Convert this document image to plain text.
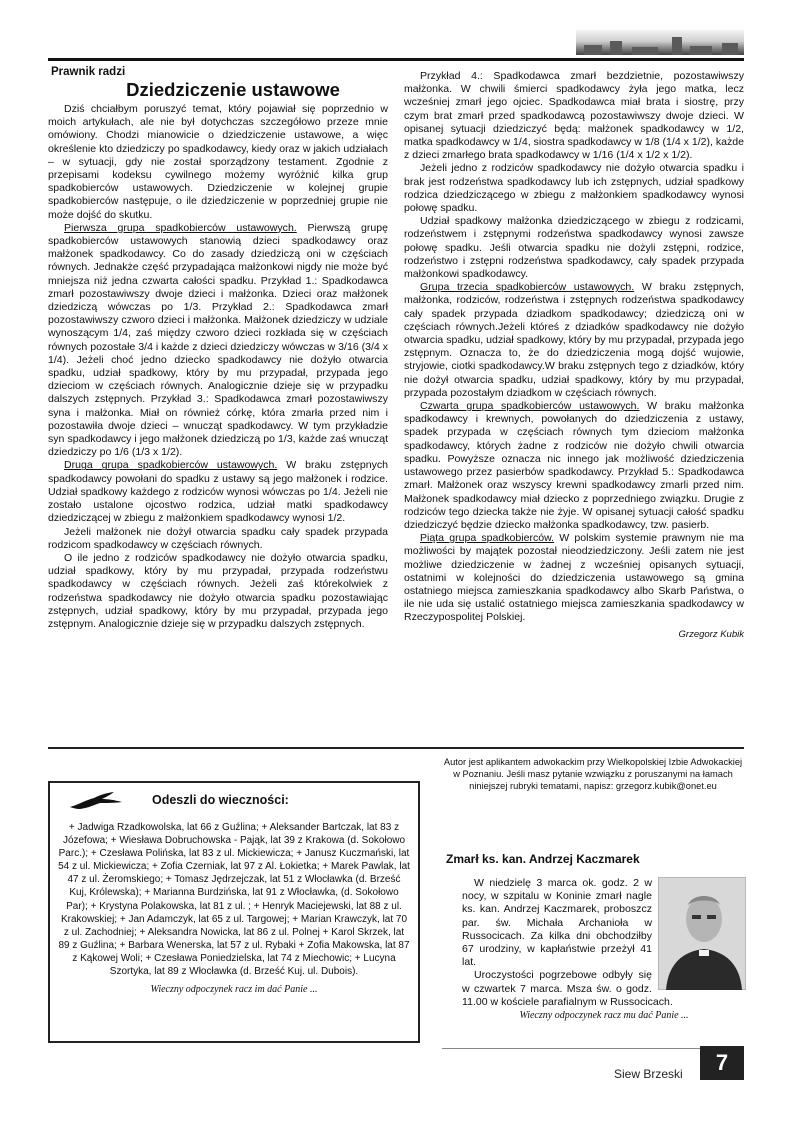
Prawnik radzi
Dziedziczenie ustawowe

Dziś chciałbym poruszyć temat, który pojawiał się poprzednio w moich artykułach, ale nie był dotychczas szczegółowo przeze mnie omówiony. Chodzi mianowicie o dziedziczenie ustawowe, a więc określenie kto dziedziczy po spadkodawcy, kiedy oraz w jakich udziałach – w sytuacji, gdy nie został sporządzony testament. Zgodnie z przepisami kodeksu cywilnego możemy wyróżnić kilka grup spadkobierców ustawowych. Dziedziczenie w kolejnej grupie spadkobierców następuje, o ile dziedziczenie w poprzedniej grupie nie może dojść do skutku.

Pierwsza grupa spadkobierców ustawowych. Pierwszą grupę spadkobierców ustawowych stanowią dzieci spadkodawcy oraz małżonek spadkodawcy. Co do zasady dziedziczą oni w częściach równych. Jednakże część przypadająca małżonkowi nigdy nie może być mniejsza niż jedna czwarta całości spadku. Przykład 1.: Spadkodawca zmarł pozostawiwszy dwoje dzieci i małżonka. Dzieci oraz małżonek dziedziczą wówczas po 1/3. Przykład 2.: Spadkodawca zmarł pozostawiwszy czworo dzieci i małżonka. Małżonek dziedziczy w udziale wynoszącym 1/4, zaś między czworo dzieci rozkłada się w częściach równych pozostałe 3/4 i każde z dzieci dziedziczy wówczas w 3/16 (3/4 x 1/4). Jeżeli choć jedno dziecko spadkodawcy nie dożyło otwarcia spadku, udział spadkowy, który by mu przypadał, przypada jego dzieciom w częściach równych. Analogicznie dzieje się w przypadku dalszych zstępnych. Przykład 3.: Spadkodawca zmarł pozostawiwszy syna i małżonka. Miał on również córkę, która zmarła przed nim i pozostawiła dwoje dzieci – wnucząt spadkodawcy. W tym przykładzie syn spadkodawcy i jego małżonek dziedziczą po 1/3, każde zaś wnucząt dziedziczy po 1/6 (1/3 x 1/2).

Druga grupa spadkobierców ustawowych. W braku zstępnych spadkodawcy powołani do spadku z ustawy są jego małżonek i rodzice. Udział spadkowy każdego z rodziców wynosi wówczas po 1/4. Jeżeli nie zostało ustalone ojcostwo rodzica, udział matki spadkodawcy dziedziczącej w zbiegu z małżonkiem spadkodawcy wynosi 1/2.

Jeżeli małżonek nie dożył otwarcia spadku cały spadek przypada rodzicom spadkodawcy w częściach równych.

O ile jedno z rodziców spadkodawcy nie dożyło otwarcia spadku, udział spadkowy, który by mu przypadał, przypada rodzeństwu spadkodawcy w częściach równych. Jeżeli zaś którekolwiek z rodzeństwa spadkodawcy nie dożyło otwarcia spadku pozostawiając zstępnych, udział spadkowy, który by mu przypadał, przypada jego zstępnym. Analogicznie dzieje się w przypadku dalszych zstępnych.

Przykład 4.: Spadkodawca zmarł bezdzietnie, pozostawiwszy małżonka. W chwili śmierci spadkodawcy żyła jego matka, lecz wcześniej zmarł jego ojciec. Spadkodawca miał brata i siostrę, przy czym brat zmarł przed spadkodawcą pozostawiwszy dwoje dzieci. W opisanej sytuacji dziedziczyć będą: małżonek spadkodawcy w 1/2, matka spadkodawcy w 1/4, siostra spadkodawcy w 1/8 (1/4 x 1/2), każde z dzieci zmarłego brata spadkodawcy w 1/16 (1/4 x 1/2 x 1/2).

Jeżeli jedno z rodziców spadkodawcy nie dożyło otwarcia spadku i brak jest rodzeństwa spadkodawcy lub ich zstępnych, udział spadkowy rodzica dziedziczącego w zbiegu z małżonkiem spadkodawcy wynosi połowę spadku.

Udział spadkowy małżonka dziedziczącego w zbiegu z rodzicami, rodzeństwem i zstępnymi rodzeństwa spadkodawcy wynosi zawsze połowę spadku. Jeśli otwarcia spadku nie dożyli zstępni, rodzice, rodzeństwo i zstępni rodzeństwa spadkodawcy, cały spadek przypada małżonkowi spadkodawcy.

Grupa trzecia spadkobierców ustawowych. W braku zstępnych, małżonka, rodziców, rodzeństwa i zstępnych rodzeństwa spadkodawcy cały spadek przypada dziadkom spadkodawcy; dziedziczą oni w częściach równych.Jeżeli któreś z dziadków spadkodawcy nie dożyło otwarcia spadku, udział spadkowy, który by mu przypadał, przypada jego zstępnym. Oznacza to, że do dziedziczenia mogą dojść wujowie, stryjowie, ciotki spadkodawcy.W braku zstępnych tego z dziadków, który nie dożył otwarcia spadku, udział spadkowy, który by mu przypadał, przypada pozostałym dziadkom w częściach równych.

Czwarta grupa spadkobierców ustawowych. W braku małżonka spadkodawcy i krewnych, powołanych do dziedziczenia z ustawy, spadek przypada w częściach równych tym dzieciom małżonka spadkodawcy, których żadne z rodziców nie dożyło chwili otwarcia spadku. Powyższe oznacza nic innego jak możliwość dziedziczenia ustawowego przez pasierbów spadkodawcy. Przykład 5.: Spadkodawca zmarł. Małżonek oraz wszyscy krewni spadkodawcy zmarli przed nim. Małżonek spadkodawcy miał dziecko z poprzedniego związku. Drugie z rodziców tego dziecka także nie żyje. W opisanej sytuacji całość spadku dziedziczyć będzie dziecko małżonka spadkodawcy, tzw. pasierb.

Piąta grupa spadkobierców. W polskim systemie prawnym nie ma możliwości by majątek pozostał nieodziedziczony. Jeśli zatem nie jest możliwe dziedziczenie w żadnej z wcześniej opisanych sytuacji, ostatnimi w kolejności do dziedziczenia ustawowego są gmina ostatniego miejsca zamieszkania spadkodawcy albo Skarb Państwa, o ile nie uda się ustalić ostatniego miejsca zamieszkania spadkodawcy w Rzeczypospolitej Polskiej.

Grzegorz Kubik
Odeszli do wieczności:

+ Jadwiga Rzadkowolska, lat 66 z Guźlina; + Aleksander Bartczak, lat 83 z Józefowa; + Wiesława Dobruchowska - Pająk, lat 39 z Krakowa (d. Sokołowo Parc.); + Czesława Polińska, lat 83 z ul. Mickiewicza; + Janusz Kuczmański, lat 54 z ul. Mickiewicza; + Zofia Czerniak, lat 97 z Al. Łokietka; + Marek Pawlak, lat 47 z ul. Żeromskiego; + Tomasz Jędrzejczak, lat 51 z Włocławka (d. Brześć Kuj, Królewska); + Marianna Burdzińska, lat 91 z Włocławka, (d. Sokołowo Par); + Krystyna Polakowska, lat 81 z ul. ; + Henryk Maciejewski, lat 88 z ul. Krakowskiej; + Jan Adamczyk, lat 65 z ul. Targowej; + Marian Krawczyk, lat 70 z ul. Zachodniej; + Aleksandra Nowicka, lat 86 z ul. Polnej + Karol Skrzek, lat 89 z Guźlina; + Barbara Wenerska, lat 57 z ul. Rybaki + Zofia Makowska, lat 87 z Kąkowej Woli; + Czesława Poniedzielska, lat 74 z Miechowic; + Lucyna Szortyka, lat 89 z Włocławka (d. Brześć Kuj. ul. Dubois).

Wieczny odpoczynek racz im dać Panie ...
Autor jest aplikantem adwokackim przy Wielkopolskiej Izbie Adwokackiej w Poznaniu. Jeśli masz pytanie wzwiązku z poruszanymi na łamach niniejszej rubryki tematami, napisz: grzegorz.kubik@onet.eu
Zmarł ks. kan. Andrzej Kaczmarek

W niedzielę 3 marca ok. godz. 2 w nocy, w szpitalu w Koninie zmarł nagle ks. kan. Andrzej Kaczmarek, proboszcz par. św. Michała Archanioła w Russocicach. Za kilka dni obchodziłby 67 urodziny, w kapłaństwie przeżył 41 lat.

Uroczystości pogrzebowe odbyły się w czwartek 7 marca. Msza św. o godz. 11.00 w kościele parafialnym w Russocicach.

Wieczny odpoczynek racz mu dać Panie ...
Siew Brzeski	7
